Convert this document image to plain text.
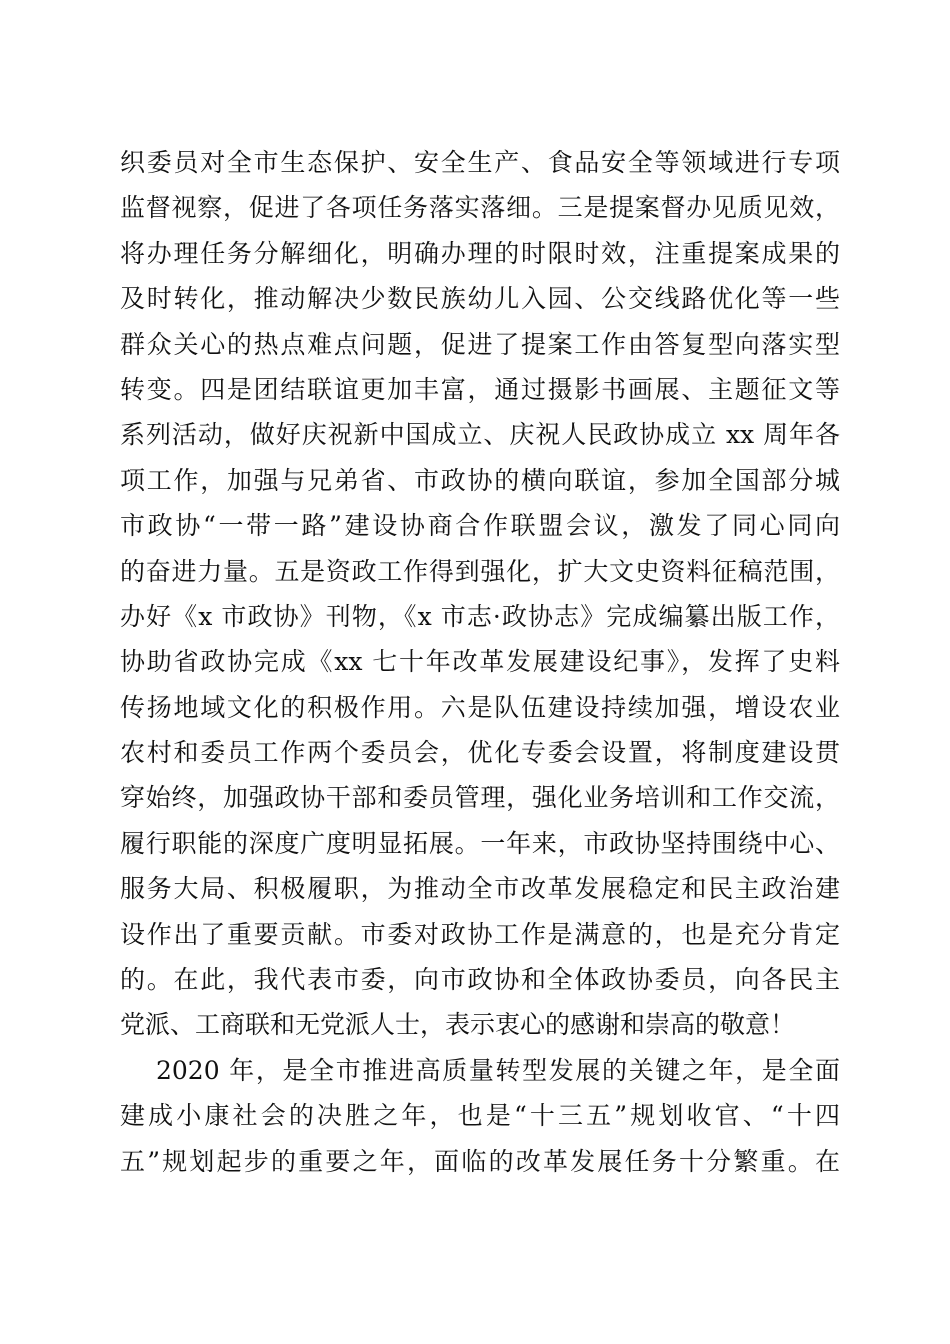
织委员对全市生态保护、安全生产、食品安全等领域进行专项
监督视察，促进了各项任务落实落细。三是提案督办见质见效，
将办理任务分解细化，明确办理的时限时效，注重提案成果的
及时转化，推动解决少数民族幼儿入园、公交线路优化等一些
群众关心的热点难点问题，促进了提案工作由答复型向落实型
转变。四是团结联谊更加丰富，通过摄影书画展、主题征文等
系列活动，做好庆祝新中国成立、庆祝人民政协成立 xx 周年各
项工作，加强与兄弟省、市政协的横向联谊，参加全国部分城
市政协“一带一路”建设协商合作联盟会议，激发了同心同向
的奋进力量。五是资政工作得到强化，扩大文史资料征稿范围，
办好《x 市政协》刊物，《x 市志·政协志》完成编纂出版工作，
协助省政协完成《xx 七十年改革发展建设纪事》，发挥了史料
传扬地域文化的积极作用。六是队伍建设持续加强，增设农业
农村和委员工作两个委员会，优化专委会设置，将制度建设贯
穿始终，加强政协干部和委员管理，强化业务培训和工作交流，
履行职能的深度广度明显拓展。一年来，市政协坚持围绕中心、
服务大局、积极履职，为推动全市改革发展稳定和民主政治建
设作出了重要贡献。市委对政协工作是满意的，也是充分肯定
的。在此，我代表市委，向市政协和全体政协委员，向各民主
党派、工商联和无党派人士，表示衷心的感谢和崇高的敬意！
2020 年，是全市推进高质量转型发展的关键之年，是全面
建成小康社会的决胜之年，也是“十三五”规划收官、“十四
五”规划起步的重要之年，面临的改革发展任务十分繁重。在
